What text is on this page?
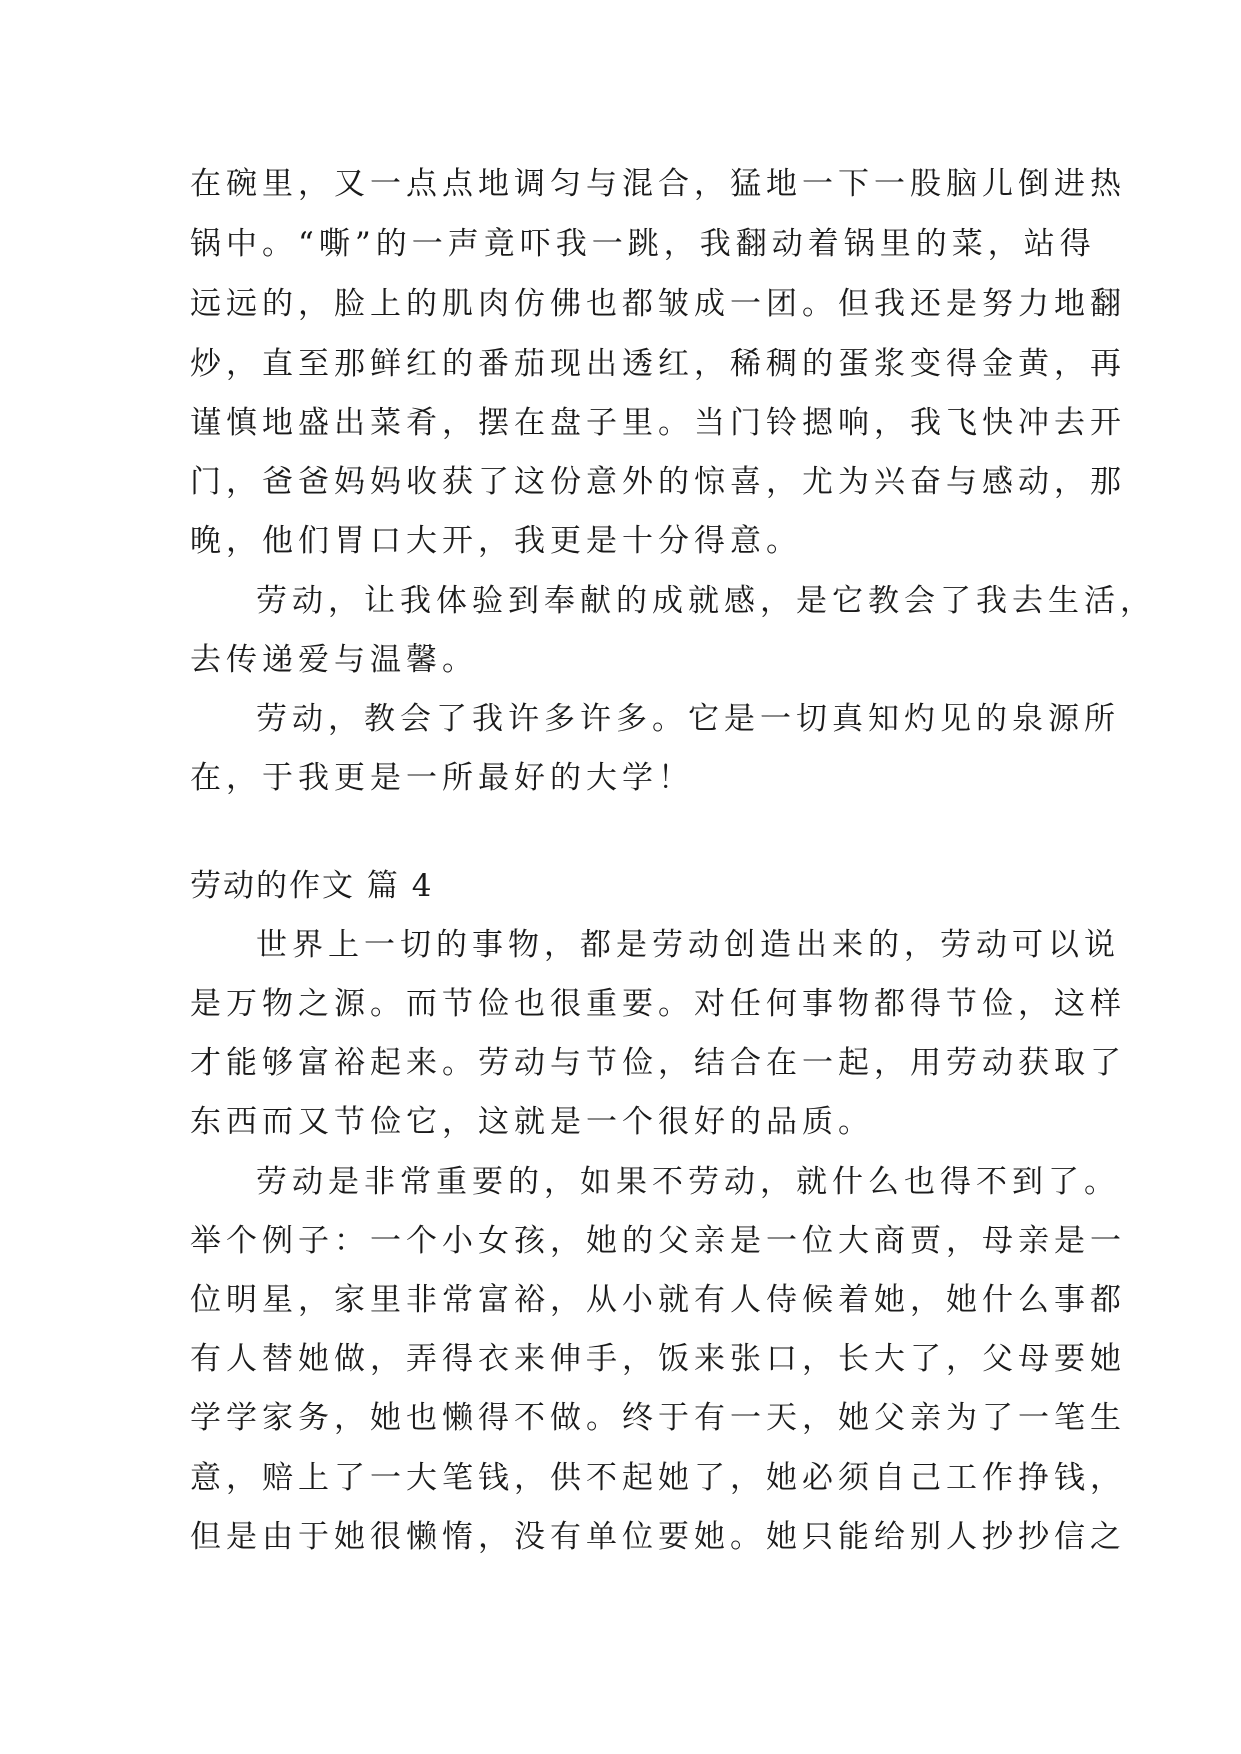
在碗里，又一点点地调匀与混合，猛地一下一股脑儿倒进热
锅中。“嘶”的一声竟吓我一跳，我翻动着锅里的菜，站得
远远的，脸上的肌肉仿佛也都皱成一团。但我还是努力地翻
炒，直至那鲜红的番茄现出透红，稀稠的蛋浆变得金黄，再
谨慎地盛出菜肴，摆在盘子里。当门铃摁响，我飞快冲去开
门，爸爸妈妈收获了这份意外的惊喜，尤为兴奋与感动，那
晚，他们胃口大开，我更是十分得意。
劳动，让我体验到奉献的成就感，是它教会了我去生活，
去传递爱与温馨。
劳动，教会了我许多许多。它是一切真知灼见的泉源所
在，于我更是一所最好的大学！
劳动的作文 篇 4
世界上一切的事物，都是劳动创造出来的，劳动可以说
是万物之源。而节俭也很重要。对任何事物都得节俭，这样
才能够富裕起来。劳动与节俭，结合在一起，用劳动获取了
东西而又节俭它，这就是一个很好的品质。
劳动是非常重要的，如果不劳动，就什么也得不到了。
举个例子：一个小女孩，她的父亲是一位大商贾，母亲是一
位明星，家里非常富裕，从小就有人侍候着她，她什么事都
有人替她做，弄得衣来伸手，饭来张口，长大了，父母要她
学学家务，她也懒得不做。终于有一天，她父亲为了一笔生
意，赔上了一大笔钱，供不起她了，她必须自己工作挣钱，
但是由于她很懒惰，没有单位要她。她只能给别人抄抄信之
